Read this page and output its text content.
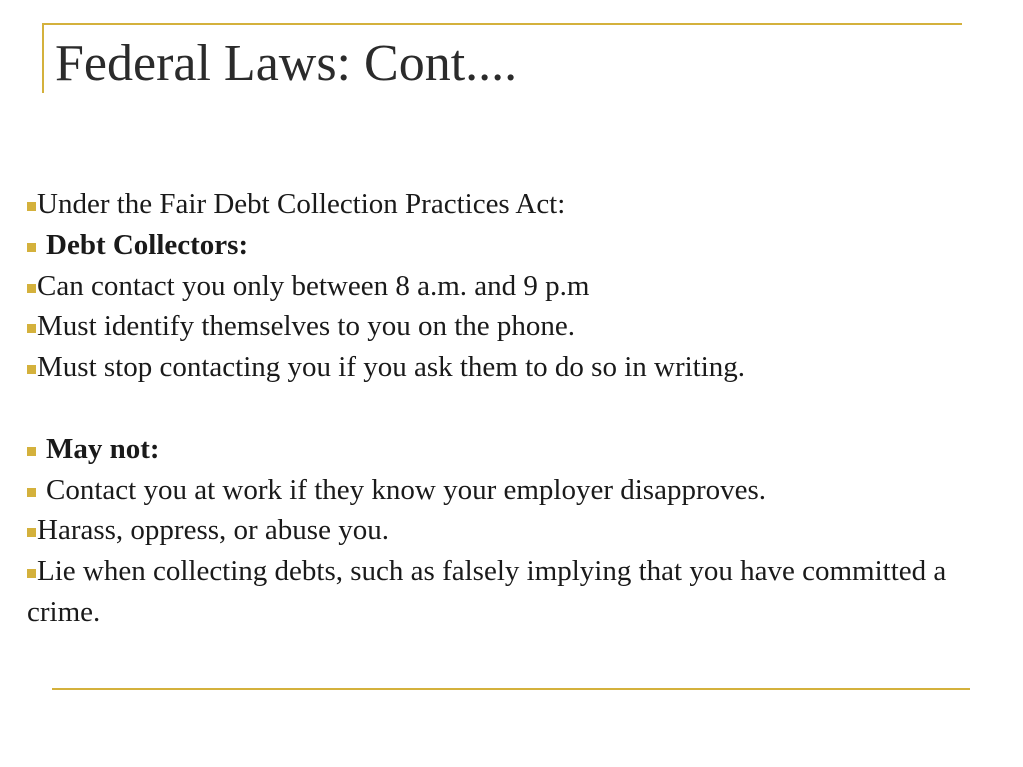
Federal Laws: Cont....

Under the Fair Debt Collection Practices Act:

Debt Collectors:

Can contact you only between 8 a.m. and 9 p.m

Must identify themselves to you on the phone.

Must stop contacting you if you ask them to do so in writing.

May not:

Contact you at work if they know your employer disapproves.

Harass, oppress, or abuse you.

Lie when collecting debts, such as falsely implying that you have committed a crime.
